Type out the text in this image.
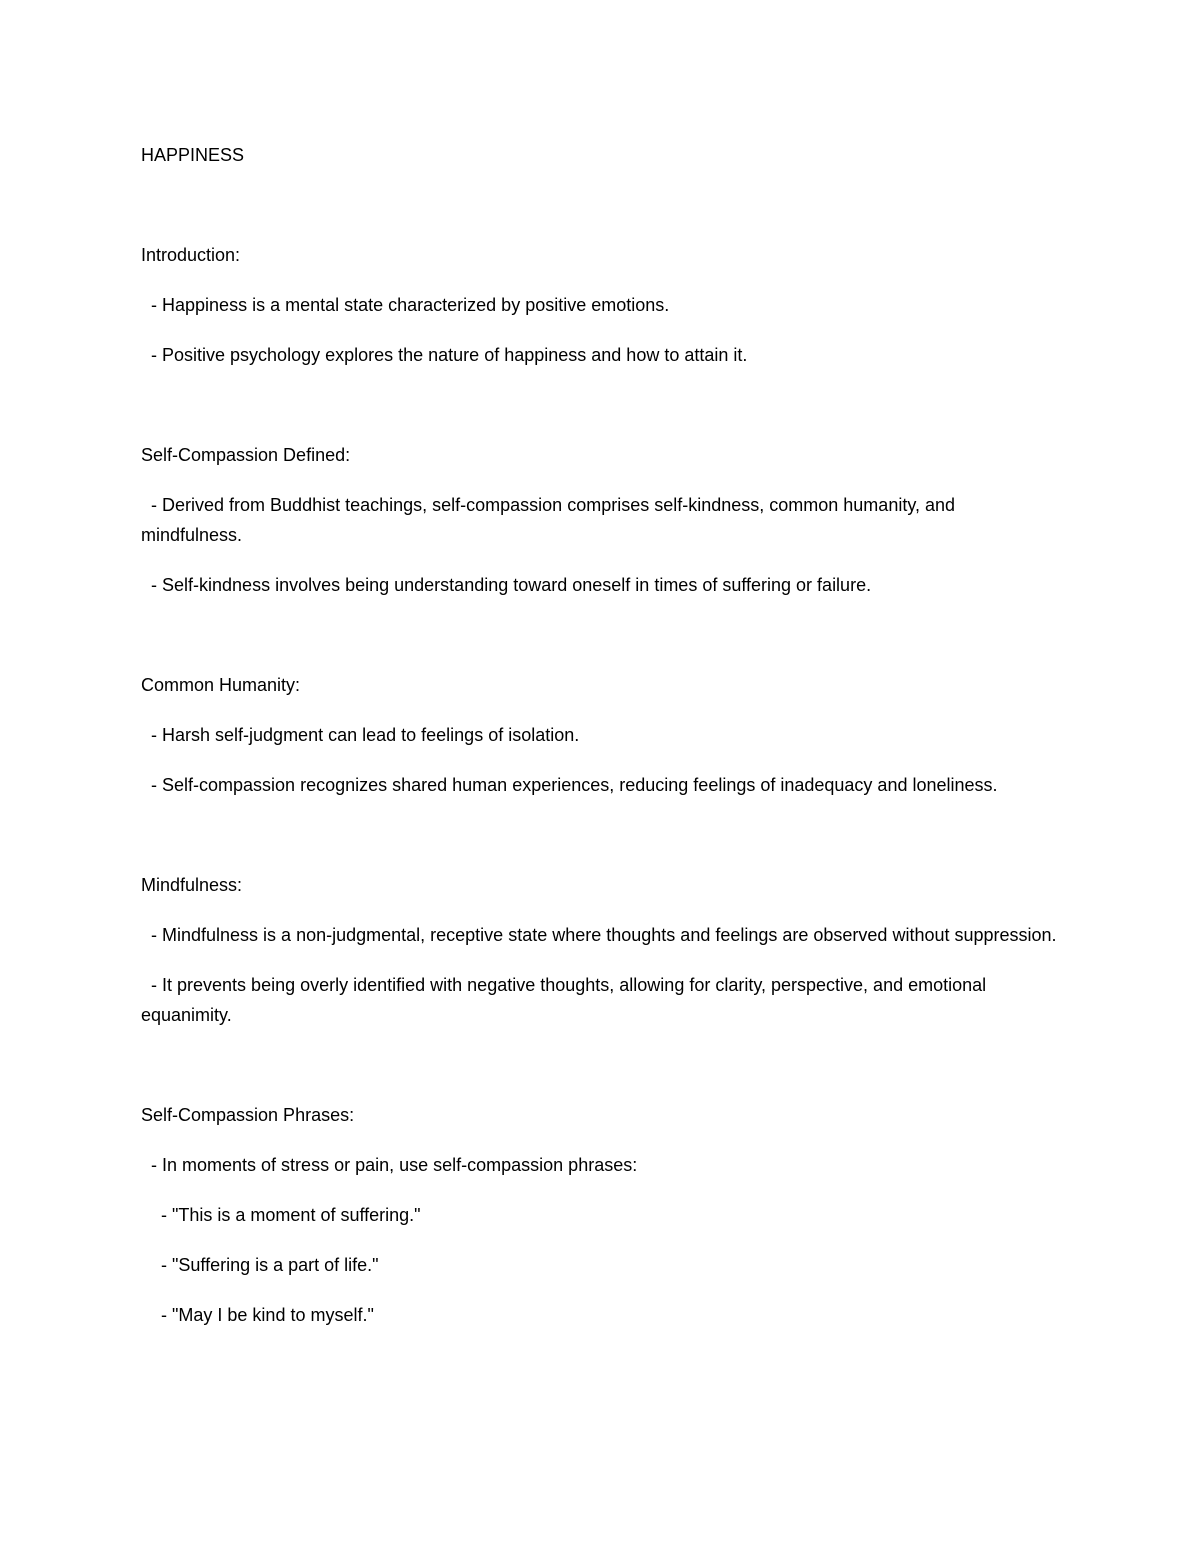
HAPPINESS

Introduction:

- Happiness is a mental state characterized by positive emotions.

- Positive psychology explores the nature of happiness and how to attain it.

Self-Compassion Defined:

- Derived from Buddhist teachings, self-compassion comprises self-kindness, common humanity, and mindfulness.

- Self-kindness involves being understanding toward oneself in times of suffering or failure.

Common Humanity:

- Harsh self-judgment can lead to feelings of isolation.

- Self-compassion recognizes shared human experiences, reducing feelings of inadequacy and loneliness.

Mindfulness:

- Mindfulness is a non-judgmental, receptive state where thoughts and feelings are observed without suppression.

- It prevents being overly identified with negative thoughts, allowing for clarity, perspective, and emotional equanimity.

Self-Compassion Phrases:

- In moments of stress or pain, use self-compassion phrases:

- "This is a moment of suffering."

- "Suffering is a part of life."

- "May I be kind to myself."
